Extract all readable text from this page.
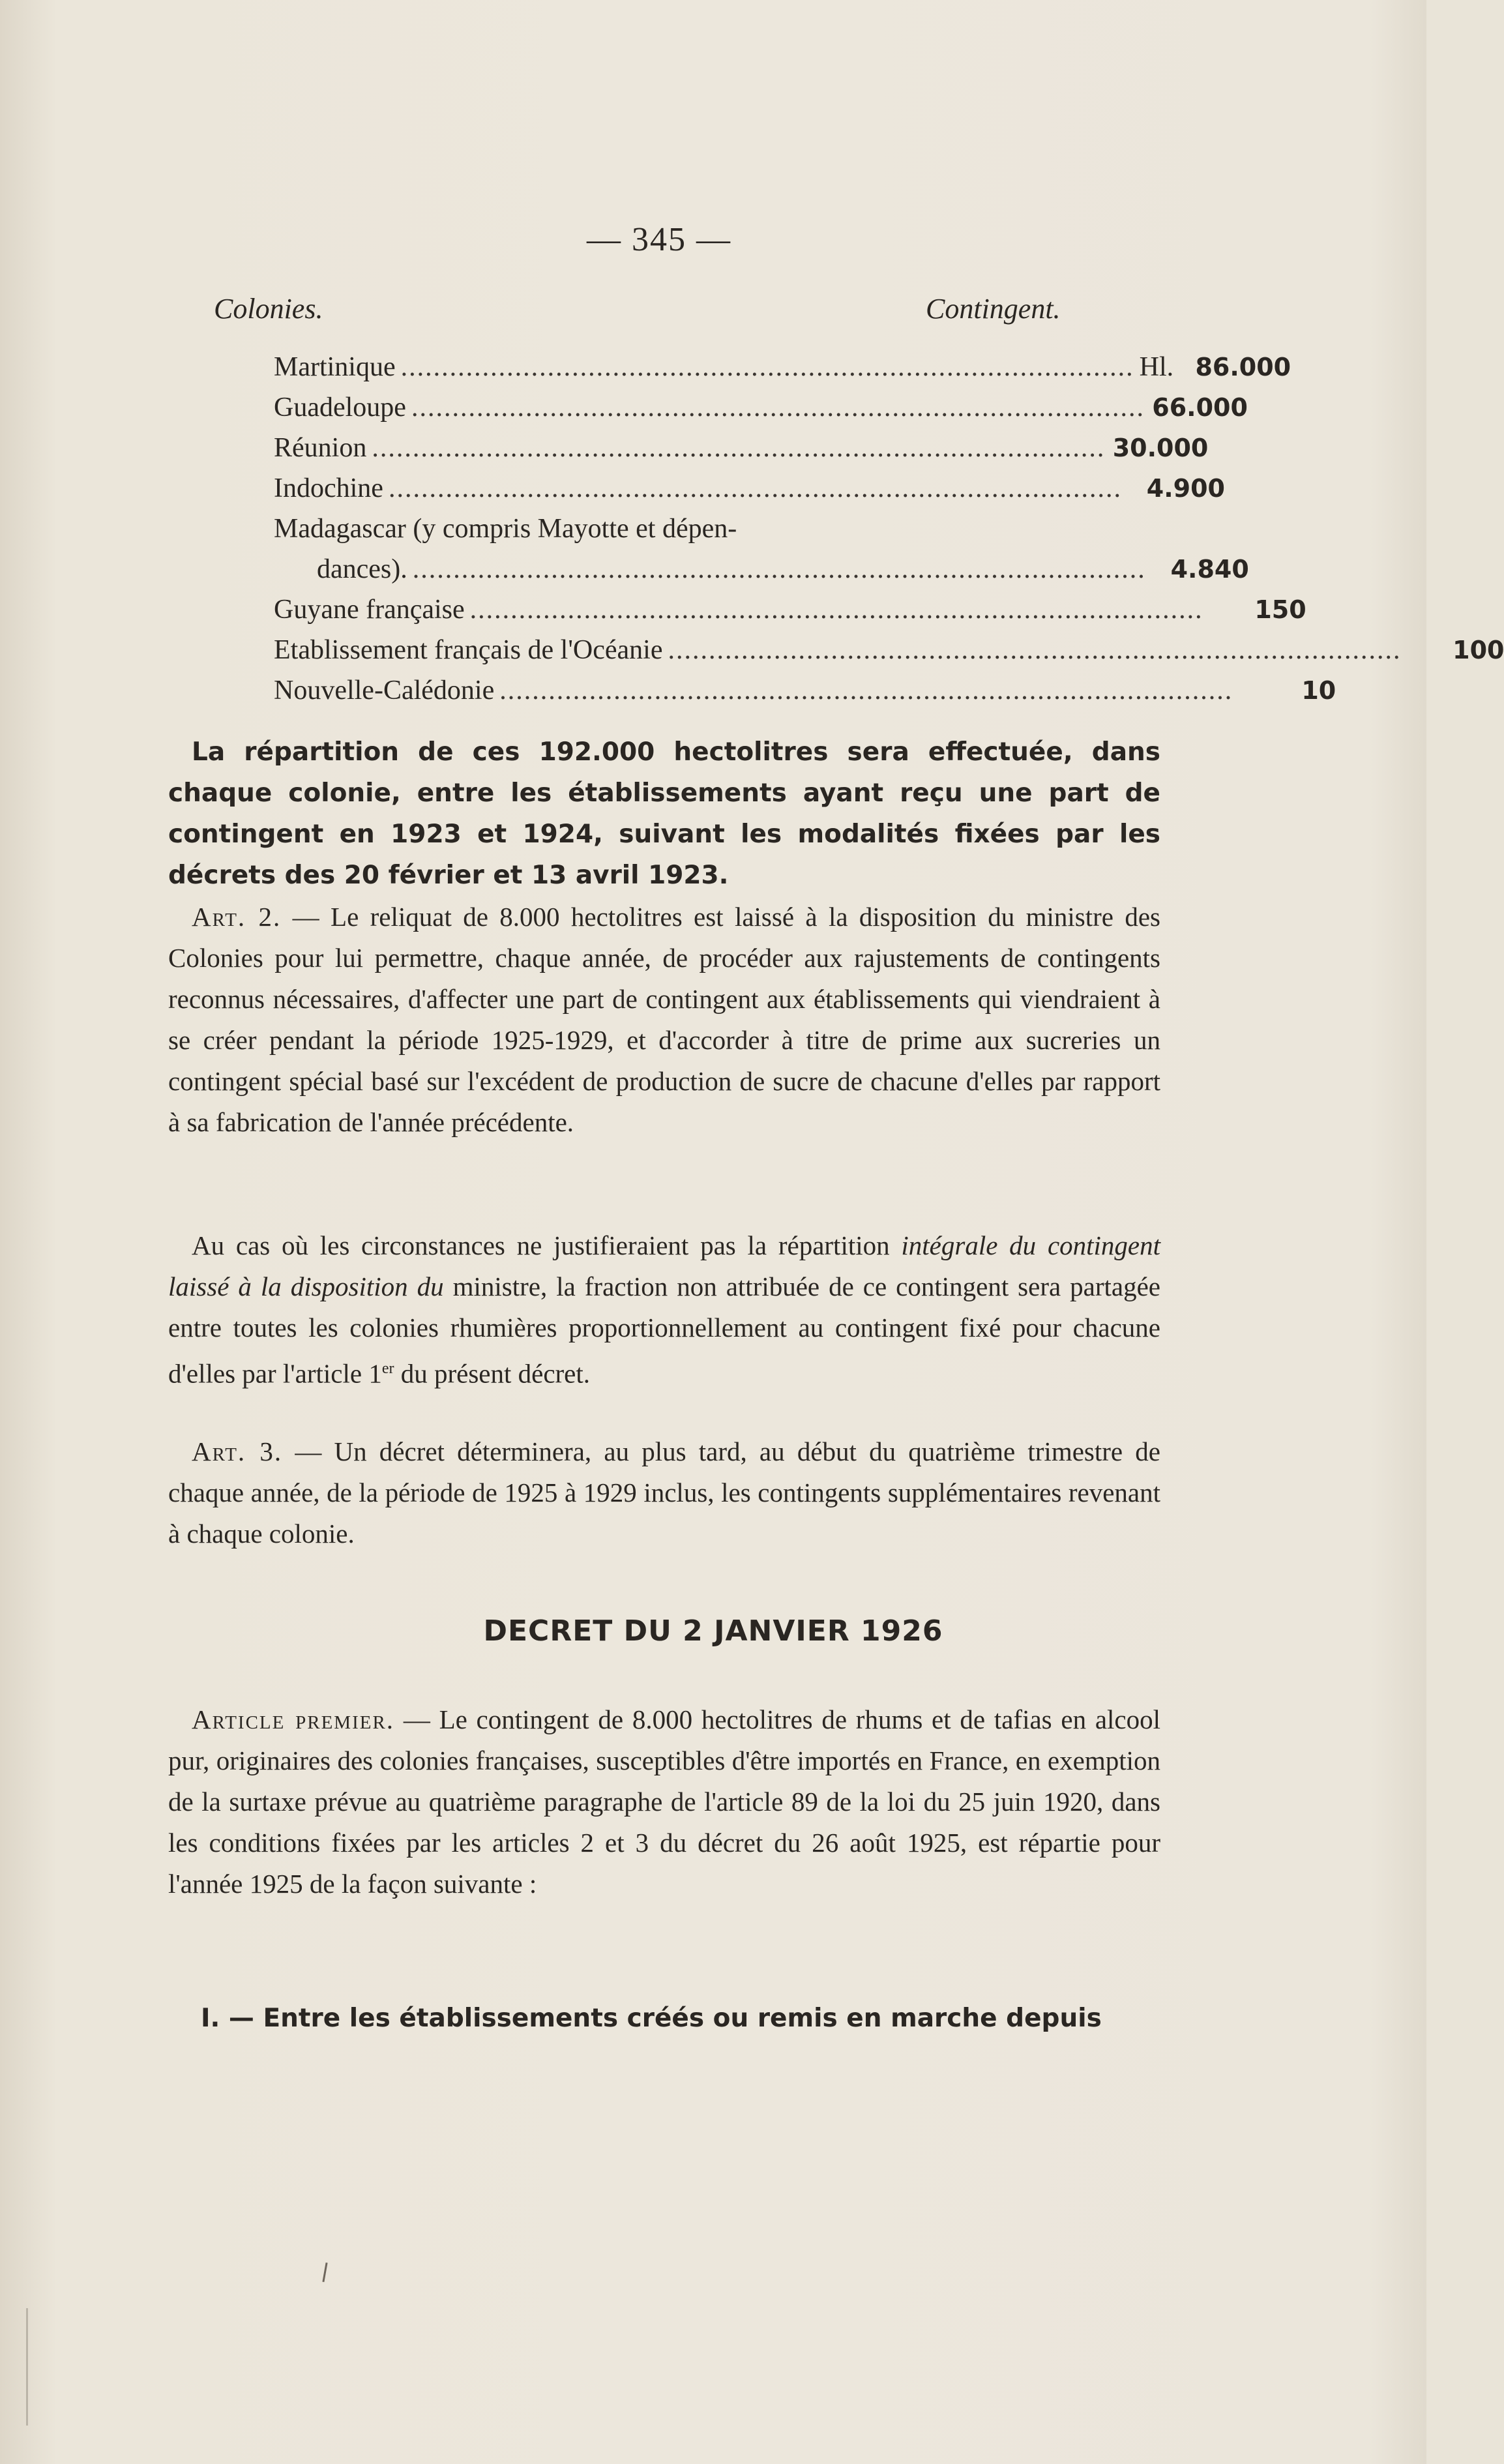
— 345 —
Colonies.	Contingent.
Martinique .......................................................................................... Hl. 86.000
Guadeloupe .......................................................................................... 66.000
Réunion .......................................................................................... 30.000
Indochine .......................................................................................... 4.900
Madagascar (y compris Mayotte et dépen-
dances). .......................................................................................... 4.840
Guyane française ..........................................................................................	150
Etablissement français de l'Océanie ..........................................................................................	100
Nouvelle-Calédonie ..........................................................................................	10

La répartition de ces 192.000 hectolitres sera effectuée, dans chaque colonie, entre les établissements ayant reçu une part de contingent en 1923 et 1924, suivant les modalités fixées par les décrets des 20 février et 13 avril 1923.

Art. 2. — Le reliquat de 8.000 hectolitres est laissé à la disposition du ministre des Colonies pour lui permettre, chaque année, de procéder aux rajustements de contingents reconnus nécessaires, d'affecter une part de contingent aux établissements qui viendraient à se créer pendant la période 1925-1929, et d'accorder à titre de prime aux sucreries un contingent spécial basé sur l'excédent de production de sucre de chacune d'elles par rapport à sa fabrication de l'année précédente.

Au cas où les circonstances ne justifieraient pas la répartition intégrale du contingent laissé à la disposition du ministre, la fraction non attribuée de ce contingent sera partagée entre toutes les colonies rhumières proportionnellement au contingent fixé pour chacune d'elles par l'article 1er du présent décret.

Art. 3. — Un décret déterminera, au plus tard, au début du quatrième trimestre de chaque année, de la période de 1925 à 1929 inclus, les contingents supplémentaires revenant à chaque colonie.

DECRET DU 2 JANVIER 1926

Article premier. — Le contingent de 8.000 hectolitres de rhums et de tafias en alcool pur, originaires des colonies françaises, susceptibles d'être importés en France, en exemption de la surtaxe prévue au quatrième paragraphe de l'article 89 de la loi du 25 juin 1920, dans les conditions fixées par les articles 2 et 3 du décret du 26 août 1925, est répartie pour l'année 1925 de la façon suivante :

I. — Entre les établissements créés ou remis en marche depuis
